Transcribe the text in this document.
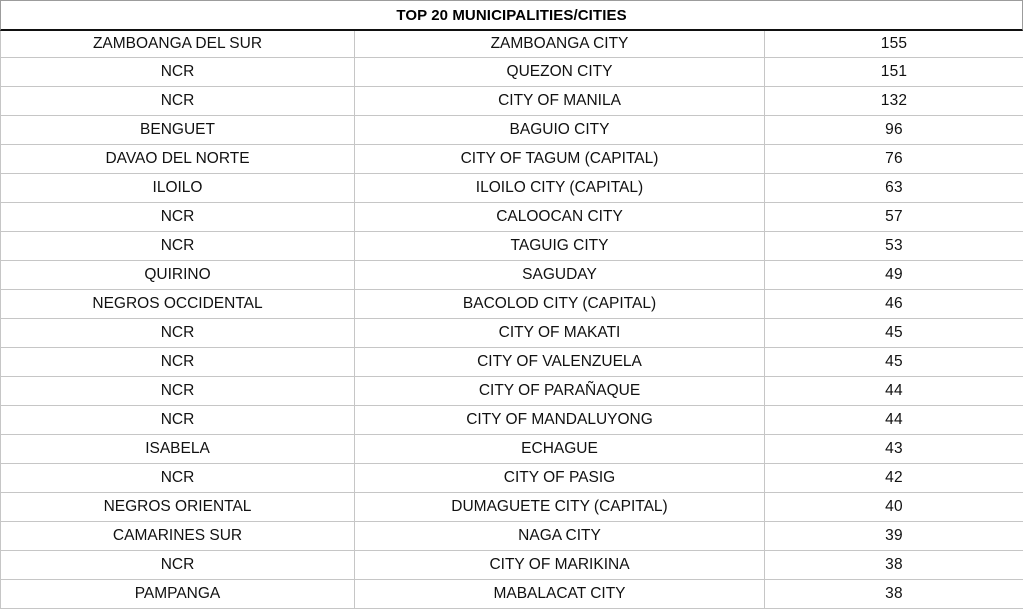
TOP 20 MUNICIPALITIES/CITIES
ZAMBOANGA DEL SUR	ZAMBOANGA CITY	155
NCR	QUEZON CITY	151
NCR	CITY OF MANILA	132
BENGUET	BAGUIO CITY	96
DAVAO DEL NORTE	CITY OF TAGUM (CAPITAL)	76
ILOILO	ILOILO CITY (CAPITAL)	63
NCR	CALOOCAN CITY	57
NCR	TAGUIG CITY	53
QUIRINO	SAGUDAY	49
NEGROS OCCIDENTAL	BACOLOD CITY (CAPITAL)	46
NCR	CITY OF MAKATI	45
NCR	CITY OF VALENZUELA	45
NCR	CITY OF PARAÑAQUE	44
NCR	CITY OF MANDALUYONG	44
ISABELA	ECHAGUE	43
NCR	CITY OF PASIG	42
NEGROS ORIENTAL	DUMAGUETE CITY (CAPITAL)	40
CAMARINES SUR	NAGA CITY	39
NCR	CITY OF MARIKINA	38
PAMPANGA	MABALACAT CITY	38
